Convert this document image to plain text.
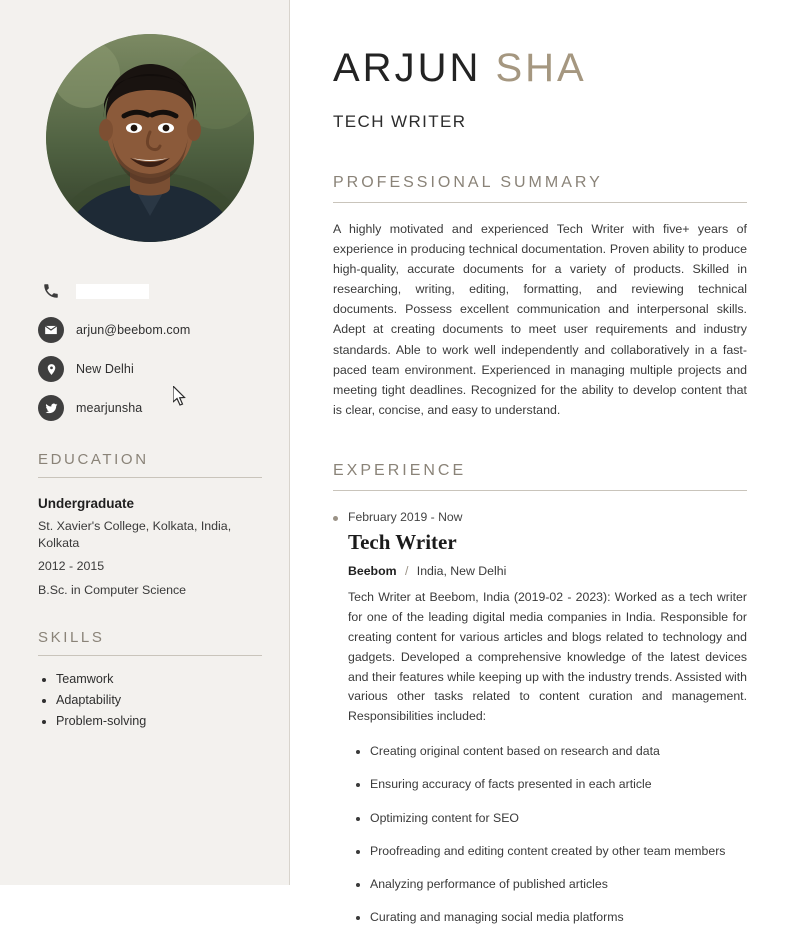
arjun@beebom.com
New Delhi
mearjunsha
EDUCATION
Undergraduate
St. Xavier's College, Kolkata, India, Kolkata
2012 - 2015
B.Sc. in Computer Science
SKILLS
• Teamwork
• Adaptability
• Problem-solving
ARJUN SHA
TECH WRITER
PROFESSIONAL SUMMARY

A highly motivated and experienced Tech Writer with five+ years of experience in producing technical documentation. Proven ability to produce high-quality, accurate documents for a variety of products. Skilled in researching, writing, editing, formatting, and reviewing technical documents. Possess excellent communication and interpersonal skills. Adept at creating documents to meet user requirements and industry standards. Able to work well independently and collaboratively in a fast-paced team environment. Experienced in managing multiple projects and meeting tight deadlines. Recognized for the ability to develop content that is clear, concise, and easy to understand.

EXPERIENCE
February 2019 - Now
Tech Writer
Beebom / India, New Delhi

Tech Writer at Beebom, India (2019-02 - 2023): Worked as a tech writer for one of the leading digital media companies in India. Responsible for creating content for various articles and blogs related to technology and gadgets. Developed a comprehensive knowledge of the latest devices and their features while keeping up with the industry trends. Assisted with various other tasks related to content curation and management. Responsibilities included:

• Creating original content based on research and data
• Ensuring accuracy of facts presented in each article
• Optimizing content for SEO
• Proofreading and editing content created by other team members
• Analyzing performance of published articles
• Curating and managing social media platforms
